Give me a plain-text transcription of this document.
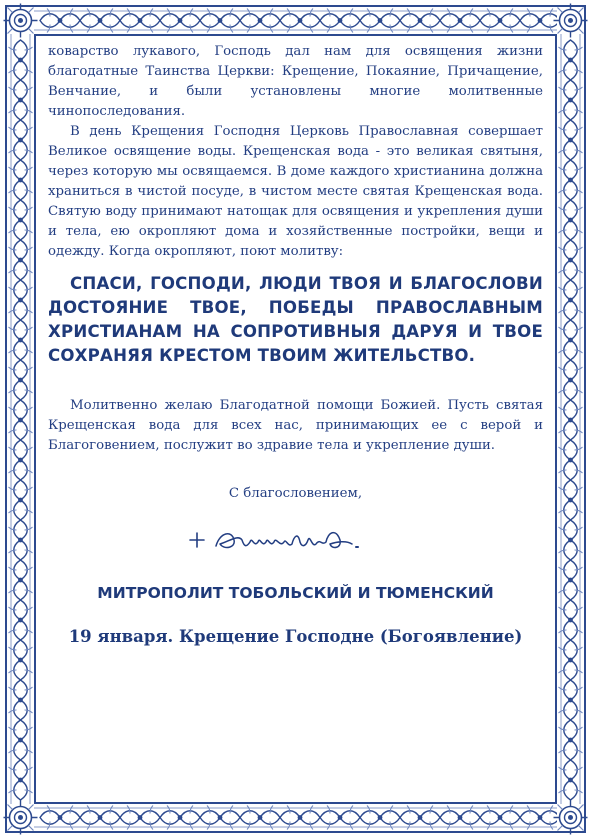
коварство лукавого, Господь дал нам для освящения жизни благодатные Таинства Церкви: Крещение, Покаяние, Причащение, Венчание, и были установлены многие молитвенные чинопоследования.

В день Крещения Господня Церковь Православная совершает Великое освящение воды. Крещенская вода - это великая святыня, через которую мы освящаемся. В доме каждого христианина должна храниться в чистой посуде, в чистом месте святая Крещенская вода. Святую воду принимают натощак для освящения и укрепления души и тела, ею окропляют дома и хозяйственные постройки, вещи и одежду. Когда окропляют, поют молитву:

СПАСИ, ГОСПОДИ, ЛЮДИ ТВОЯ И БЛАГОСЛОВИ ДОСТОЯНИЕ ТВОЕ, ПОБЕДЫ ПРАВОСЛАВНЫМ ХРИСТИАНАМ НА СОПРОТИВНЫЯ ДАРУЯ И ТВОЕ СОХРАНЯЯ КРЕСТОМ ТВОИМ ЖИТЕЛЬСТВО.

Молитвенно желаю Благодатной помощи Божией. Пусть святая Крещенская вода для всех нас, принимающих ее с верой и Благоговением, послужит во здравие тела и укрепление души.

С благословением,

+ Димитрий.

МИТРОПОЛИТ ТОБОЛЬСКИЙ И ТЮМЕНСКИЙ

19 января. Крещение Господне (Богоявление)
